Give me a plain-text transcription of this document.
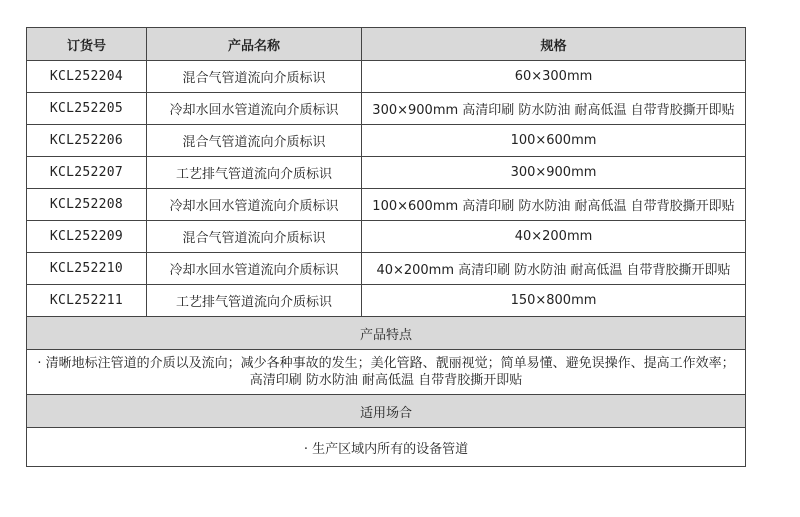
订货号	产品名称	规格
KCL252204	混合气管道流向介质标识	60×300mm
KCL252205	冷却水回水管道流向介质标识	300×900mm 高清印刷 防水防油 耐高低温 自带背胶撕开即贴
KCL252206	混合气管道流向介质标识	100×600mm
KCL252207	工艺排气管道流向介质标识	300×900mm
KCL252208	冷却水回水管道流向介质标识	100×600mm 高清印刷 防水防油 耐高低温 自带背胶撕开即贴
KCL252209	混合气管道流向介质标识	40×200mm
KCL252210	冷却水回水管道流向介质标识	40×200mm 高清印刷 防水防油 耐高低温 自带背胶撕开即贴
KCL252211	工艺排气管道流向介质标识	150×800mm
产品特点		
· 清晰地标注管道的介质以及流向；减少各种事故的发生；美化管路、靓丽视觉；简单易懂、避免误操作、提高工作效率；高清印刷 防水防油 耐高低温 自带背胶撕开即贴		
适用场合		
· 生产区域内所有的设备管道		
